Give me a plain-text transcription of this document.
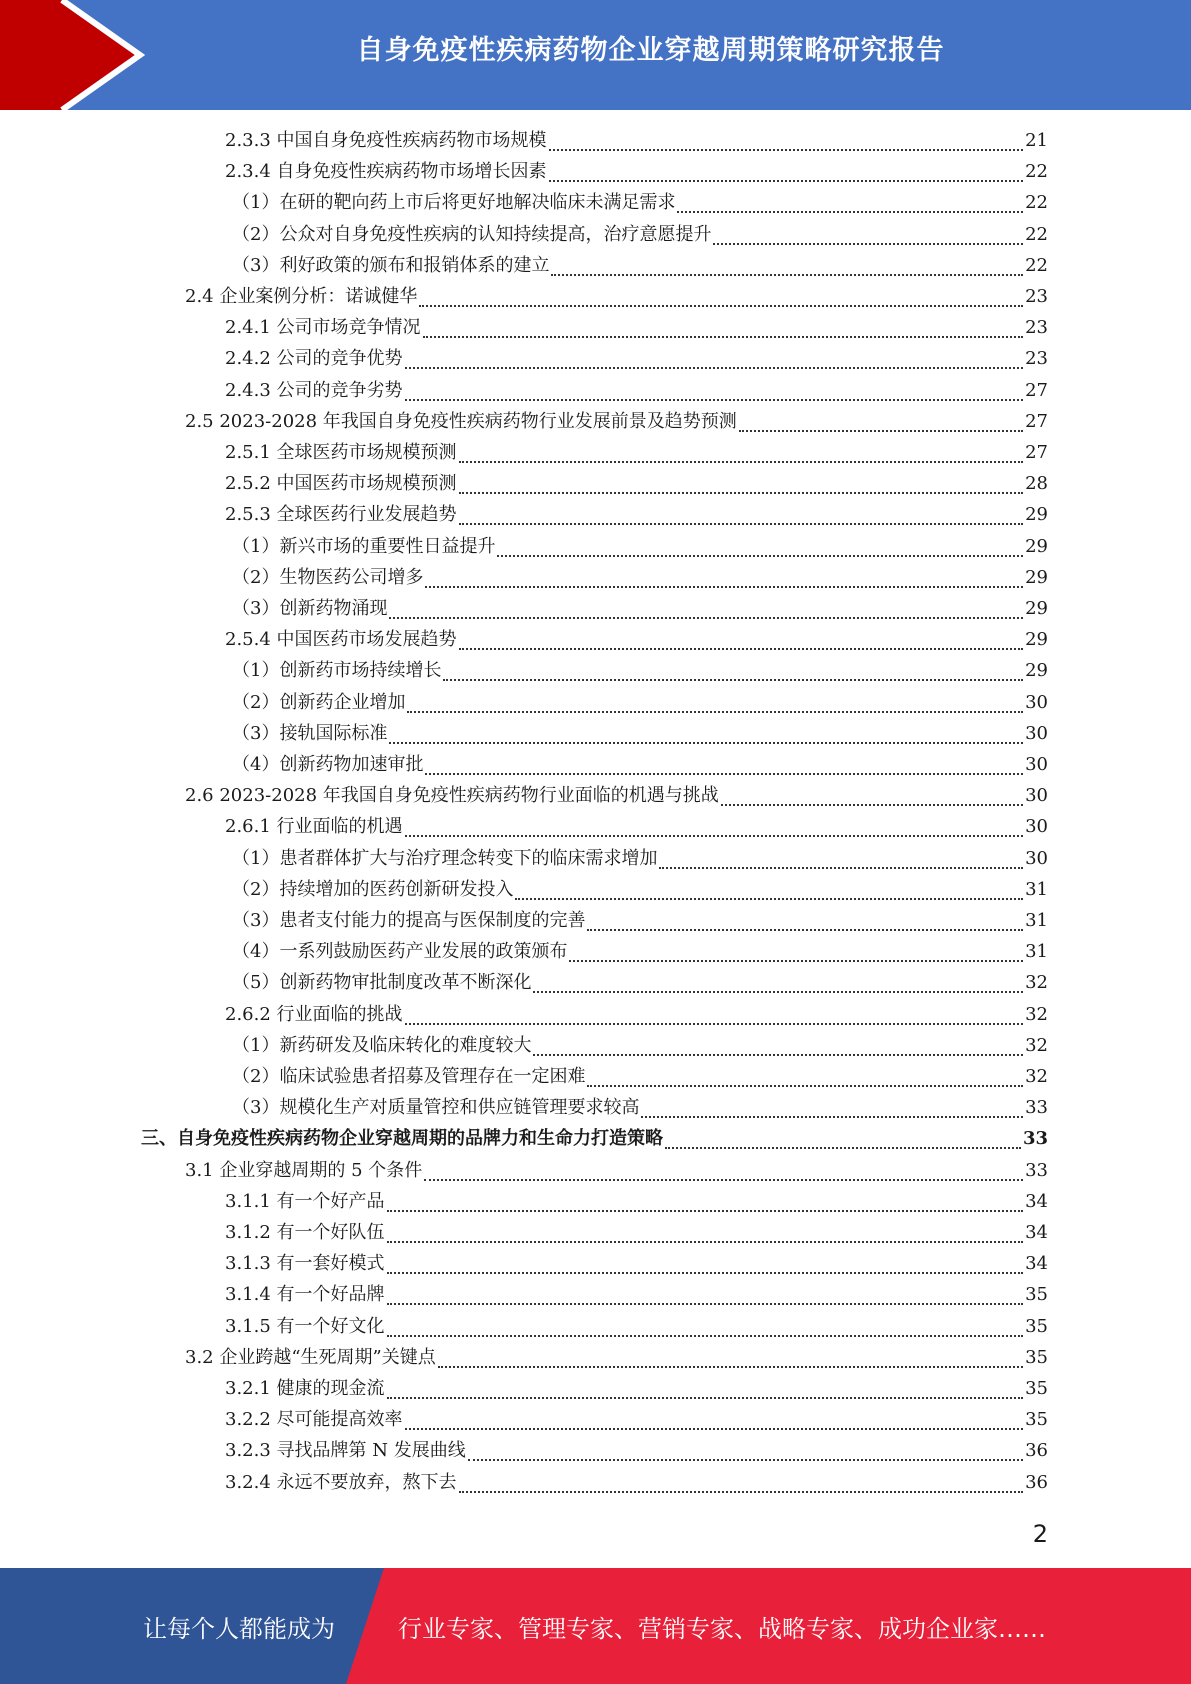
自身免疫性疾病药物企业穿越周期策略研究报告
2.3.3 中国自身免疫性疾病药物市场规模	21
2.3.4 自身免疫性疾病药物市场增长因素	22
（1）在研的靶向药上市后将更好地解决临床未满足需求	22
（2）公众对自身免疫性疾病的认知持续提高，治疗意愿提升	22
（3）利好政策的颁布和报销体系的建立	22
2.4 企业案例分析：诺诚健华	23
2.4.1 公司市场竞争情况	23
2.4.2 公司的竞争优势	23
2.4.3 公司的竞争劣势	27
2.5 2023-2028 年我国自身免疫性疾病药物行业发展前景及趋势预测	27
2.5.1 全球医药市场规模预测	27
2.5.2 中国医药市场规模预测	28
2.5.3 全球医药行业发展趋势	29
（1）新兴市场的重要性日益提升	29
（2）生物医药公司增多	29
（3）创新药物涌现	29
2.5.4 中国医药市场发展趋势	29
（1）创新药市场持续增长	29
（2）创新药企业增加	30
（3）接轨国际标准	30
（4）创新药物加速审批	30
2.6 2023-2028 年我国自身免疫性疾病药物行业面临的机遇与挑战	30
2.6.1 行业面临的机遇	30
（1）患者群体扩大与治疗理念转变下的临床需求增加	30
（2）持续增加的医药创新研发投入	31
（3）患者支付能力的提高与医保制度的完善	31
（4）一系列鼓励医药产业发展的政策颁布	31
（5）创新药物审批制度改革不断深化	32
2.6.2 行业面临的挑战	32
（1）新药研发及临床转化的难度较大	32
（2）临床试验患者招募及管理存在一定困难	32
（3）规模化生产对质量管控和供应链管理要求较高	33
三、自身免疫性疾病药物企业穿越周期的品牌力和生命力打造策略	33
3.1 企业穿越周期的 5 个条件	33
3.1.1 有一个好产品	34
3.1.2 有一个好队伍	34
3.1.3 有一套好模式	34
3.1.4 有一个好品牌	35
3.1.5 有一个好文化	35
3.2 企业跨越“生死周期”关键点	35
3.2.1 健康的现金流	35
3.2.2 尽可能提高效率	35
3.2.3 寻找品牌第 N 发展曲线	36
3.2.4 永远不要放弃，熬下去	36
2
让每个人都能成为	行业专家、管理专家、营销专家、战略专家、成功企业家……
